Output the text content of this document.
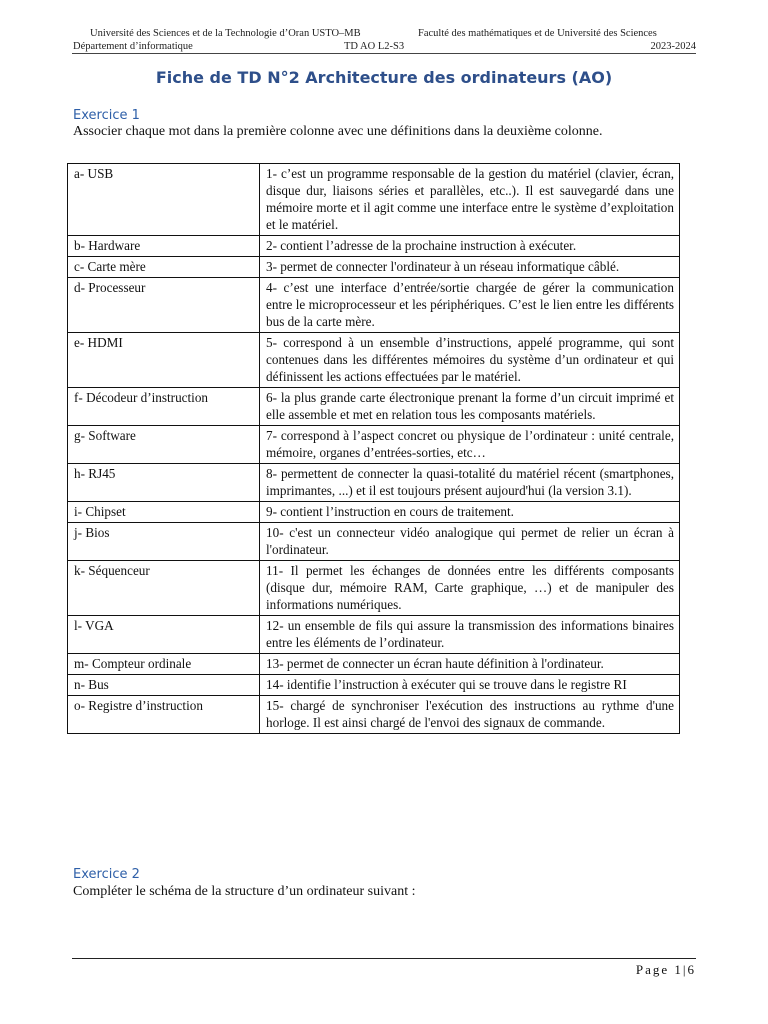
Université des Sciences et de la Technologie d’Oran USTO–MB	Faculté des mathématiques et de Université des Sciences
Département d’informatique	TD AO L2-S3	2023-2024
Fiche de TD N°2 Architecture des ordinateurs (AO)
Exercice 1
Associer chaque mot dans la première colonne avec une définitions dans la deuxième colonne.
a- USB	1- c’est un programme responsable de la gestion du matériel (clavier, écran, disque dur, liaisons séries et parallèles, etc..). Il est sauvegardé dans une mémoire morte et il agit comme une interface entre le système d’exploitation et le matériel.
b- Hardware	2- contient l’adresse de la prochaine instruction à exécuter.
c- Carte mère	3- permet de connecter l'ordinateur à un réseau informatique câblé.
d- Processeur	4- c’est une interface d’entrée/sortie chargée de gérer la communication entre le microprocesseur et les périphériques. C’est le lien entre les différents bus de la carte mère.
e- HDMI	5- correspond à un ensemble d’instructions, appelé programme, qui sont contenues dans les différentes mémoires du système d’un ordinateur et qui définissent les actions effectuées par le matériel.
f- Décodeur d’instruction	6- la plus grande carte électronique prenant la forme d’un circuit imprimé et elle assemble et met en relation tous les composants matériels.
g- Software	7- correspond à l’aspect concret ou physique de l’ordinateur : unité centrale, mémoire, organes d’entrées-sorties, etc…
h- RJ45	8- permettent de connecter la quasi-totalité du matériel récent (smartphones, imprimantes, ...) et il est toujours présent aujourd'hui (la version 3.1).
i- Chipset	9- contient l’instruction en cours de traitement.
j- Bios	10- c'est un connecteur vidéo analogique qui permet de relier un écran à l'ordinateur.
k- Séquenceur	11- Il permet les échanges de données entre les différents composants (disque dur, mémoire RAM, Carte graphique, …) et de manipuler des informations numériques.
l- VGA	12- un ensemble de fils qui assure la transmission des informations binaires entre les éléments de l’ordinateur.
m- Compteur ordinale	13- permet de connecter un écran haute définition à l'ordinateur.
n- Bus	14- identifie l’instruction à exécuter qui se trouve dans le registre RI
o- Registre d’instruction	15- chargé de synchroniser l'exécution des instructions au rythme d'une horloge. Il est ainsi chargé de l'envoi des signaux de commande.
Exercice 2
Compléter le schéma de la structure d’un ordinateur suivant :
Page 1|6
